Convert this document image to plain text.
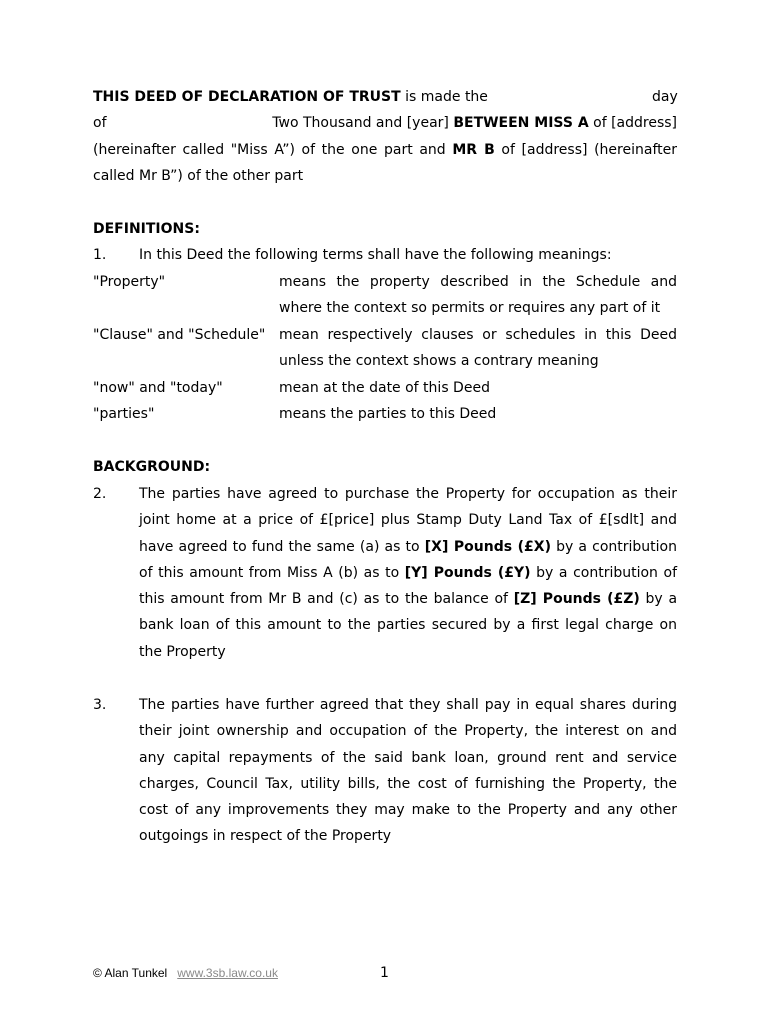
THIS DEED OF DECLARATION OF TRUST is made the	day
of	Two Thousand and [year] BETWEEN MISS A of [address]
(hereinafter called "Miss A”) of the one part and MR B of [address] (hereinafter
called Mr B”) of the other part
DEFINITIONS:
1. In this Deed the following terms shall have the following meanings:
"Property"	means the property described in the Schedule and where the context so permits or requires any part of it
"Clause" and "Schedule" mean respectively clauses or schedules in this Deed unless the context shows a contrary meaning
"now" and "today"	mean at the date of this Deed
"parties"	means the parties to this Deed
BACKGROUND:
2. The parties have agreed to purchase the Property for occupation as their joint home at a price of £[price] plus Stamp Duty Land Tax of £[sdlt] and have agreed to fund the same (a) as to [X] Pounds (£X) by a contribution of this amount from Miss A (b) as to [Y] Pounds (£Y) by a contribution of this amount from Mr B and (c) as to the balance of [Z] Pounds (£Z) by a bank loan of this amount to the parties secured by a first legal charge on the Property
3. The parties have further agreed that they shall pay in equal shares during their joint ownership and occupation of the Property, the interest on and any capital repayments of the said bank loan, ground rent and service charges, Council Tax, utility bills, the cost of furnishing the Property, the cost of any improvements they may make to the Property and any other outgoings in respect of the Property
© Alan Tunkel www.3sb.law.co.uk	1
